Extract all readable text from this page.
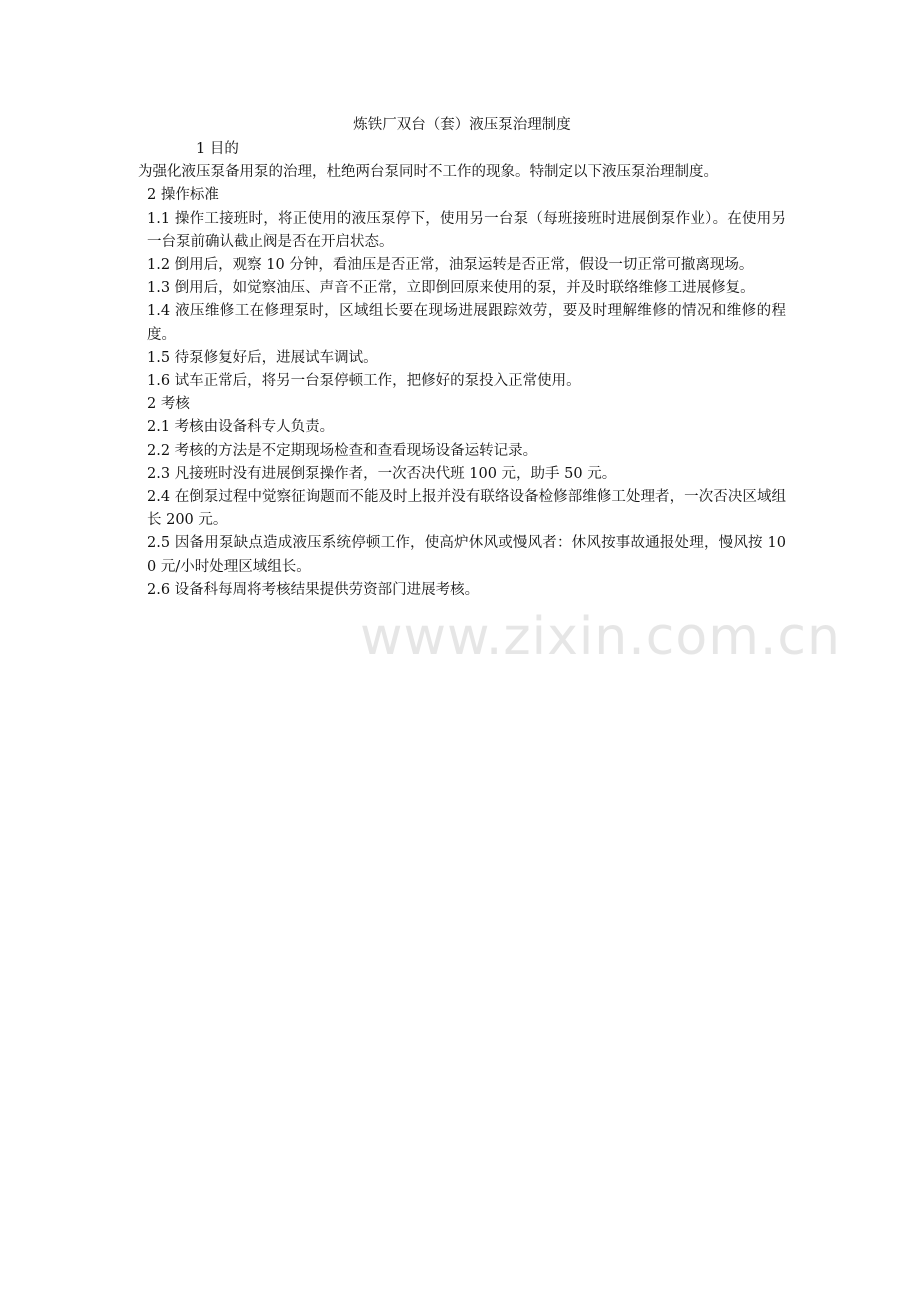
炼铁厂双台（套）液压泵治理制度

1 目的

为强化液压泵备用泵的治理，杜绝两台泵同时不工作的现象。特制定以下液压泵治理制度。

2 操作标准

1.1 操作工接班时，将正使用的液压泵停下，使用另一台泵（每班接班时进展倒泵作业）。在使用另一台泵前确认截止阀是否在开启状态。

1.2 倒用后，观察 10 分钟，看油压是否正常，油泵运转是否正常，假设一切正常可撤离现场。

1.3 倒用后，如觉察油压、声音不正常，立即倒回原来使用的泵，并及时联络维修工进展修复。

1.4 液压维修工在修理泵时，区域组长要在现场进展跟踪效劳，要及时理解维修的情况和维修的程度。

1.5 待泵修复好后，进展试车调试。

1.6 试车正常后，将另一台泵停顿工作，把修好的泵投入正常使用。

2 考核

2.1 考核由设备科专人负责。

2.2 考核的方法是不定期现场检查和查看现场设备运转记录。

2.3 凡接班时没有进展倒泵操作者，一次否决代班 100 元，助手 50 元。

2.4 在倒泵过程中觉察征询题而不能及时上报并没有联络设备检修部维修工处理者，一次否决区域组长 200 元。

2.5 因备用泵缺点造成液压系统停顿工作，使高炉休风或慢风者：休风按事故通报处理，慢风按 100 元/小时处理区域组长。

2.6 设备科每周将考核结果提供劳资部门进展考核。

www.zixin.com.cn
